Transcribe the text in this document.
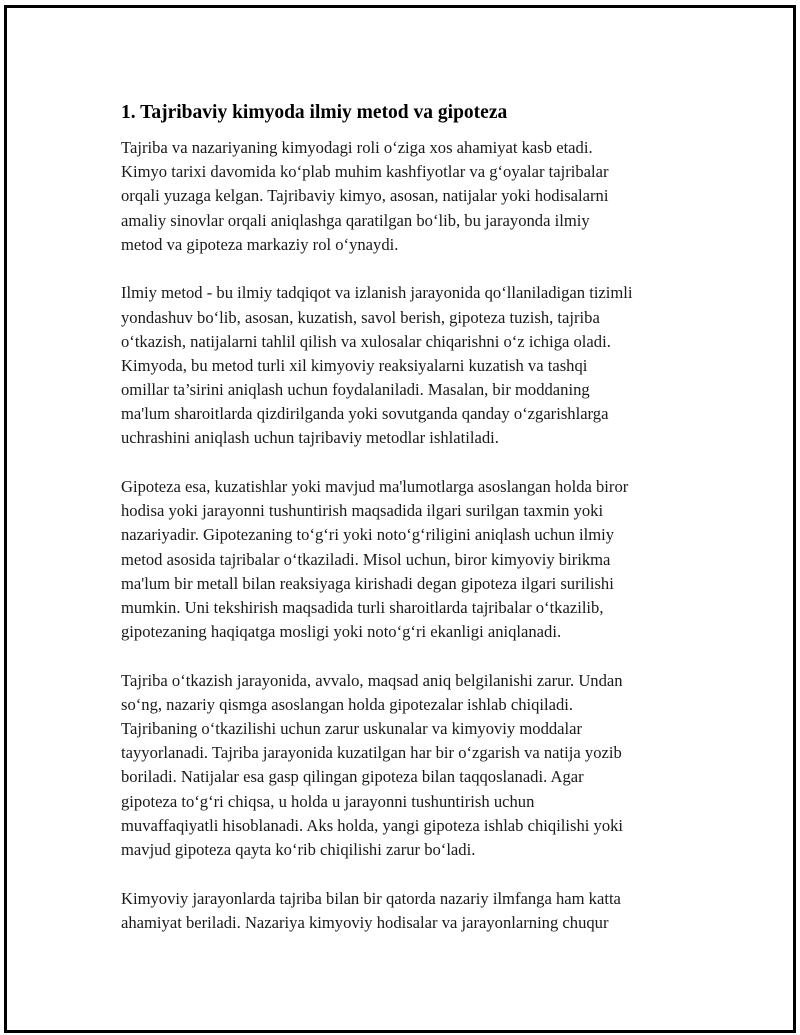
1. Tajribaviy kimyoda ilmiy metod va gipoteza

Tajriba va nazariyaning kimyodagi roli o‘ziga xos ahamiyat kasb etadi.
Kimyo tarixi davomida ko‘plab muhim kashfiyotlar va g‘oyalar tajribalar
orqali yuzaga kelgan. Tajribaviy kimyo, asosan, natijalar yoki hodisalarni
amaliy sinovlar orqali aniqlashga qaratilgan bo‘lib, bu jarayonda ilmiy
metod va gipoteza markaziy rol o‘ynaydi.

Ilmiy metod - bu ilmiy tadqiqot va izlanish jarayonida qo‘llaniladigan tizimli
yondashuv bo‘lib, asosan, kuzatish, savol berish, gipoteza tuzish, tajriba
o‘tkazish, natijalarni tahlil qilish va xulosalar chiqarishni o‘z ichiga oladi.
Kimyoda, bu metod turli xil kimyoviy reaksiyalarni kuzatish va tashqi
omillar ta’sirini aniqlash uchun foydalaniladi. Masalan, bir moddaning
ma'lum sharoitlarda qizdirilganda yoki sovutganda qanday o‘zgarishlarga
uchrashini aniqlash uchun tajribaviy metodlar ishlatiladi.

Gipoteza esa, kuzatishlar yoki mavjud ma'lumotlarga asoslangan holda biror
hodisa yoki jarayonni tushuntirish maqsadida ilgari surilgan taxmin yoki
nazariyadir. Gipotezaning to‘g‘ri yoki noto‘g‘riligini aniqlash uchun ilmiy
metod asosida tajribalar o‘tkaziladi. Misol uchun, biror kimyoviy birikma
ma'lum bir metall bilan reaksiyaga kirishadi degan gipoteza ilgari surilishi
mumkin. Uni tekshirish maqsadida turli sharoitlarda tajribalar o‘tkazilib,
gipotezaning haqiqatga mosligi yoki noto‘g‘ri ekanligi aniqlanadi.

Tajriba o‘tkazish jarayonida, avvalo, maqsad aniq belgilanishi zarur. Undan
so‘ng, nazariy qismga asoslangan holda gipotezalar ishlab chiqiladi.
Tajribaning o‘tkazilishi uchun zarur uskunalar va kimyoviy moddalar
tayyorlanadi. Tajriba jarayonida kuzatilgan har bir o‘zgarish va natija yozib
boriladi. Natijalar esa gasp qilingan gipoteza bilan taqqoslanadi. Agar
gipoteza to‘g‘ri chiqsa, u holda u jarayonni tushuntirish uchun
muvaffaqiyatli hisoblanadi. Aks holda, yangi gipoteza ishlab chiqilishi yoki
mavjud gipoteza qayta ko‘rib chiqilishi zarur bo‘ladi.

Kimyoviy jarayonlarda tajriba bilan bir qatorda nazariy ilmfanga ham katta
ahamiyat beriladi. Nazariya kimyoviy hodisalar va jarayonlarning chuqur
